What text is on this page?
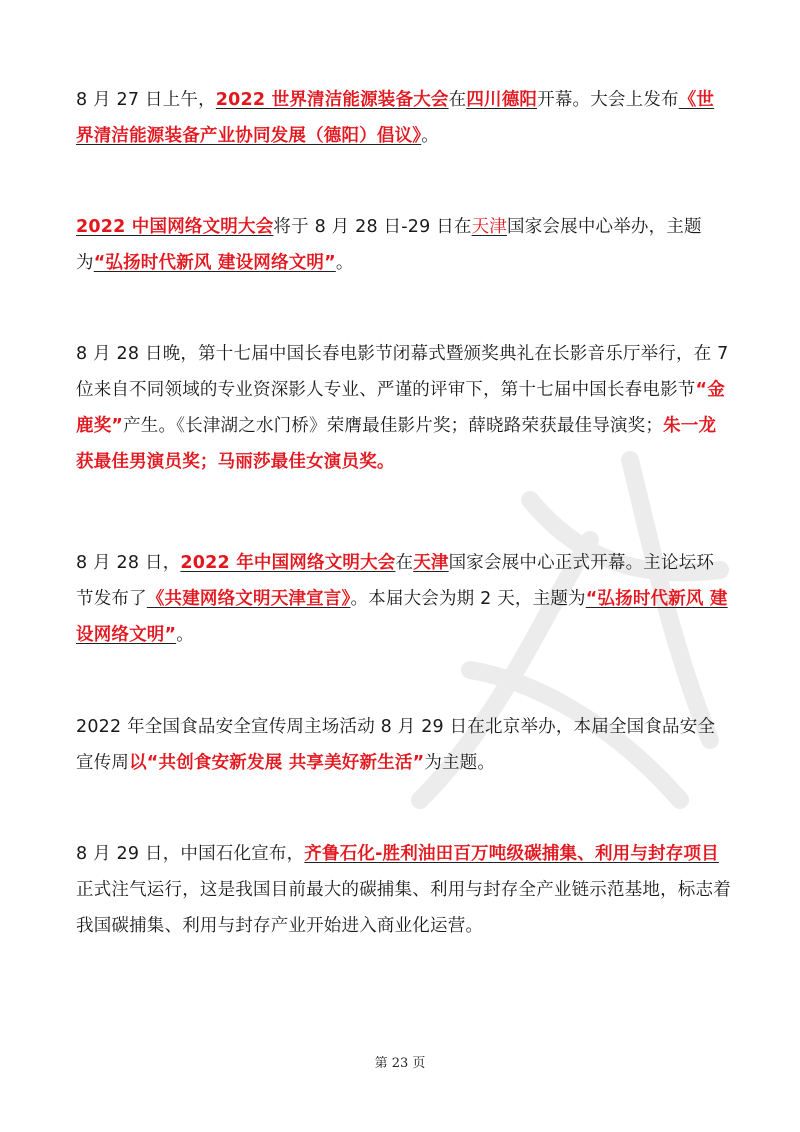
8 月 27 日上午，2022 世界清洁能源装备大会在四川德阳开幕。大会上发布《世界清洁能源装备产业协同发展（德阳）倡议》。

2022 中国网络文明大会将于 8 月 28 日-29 日在天津国家会展中心举办，主题为“弘扬时代新风 建设网络文明”。

8 月 28 日晚，第十七届中国长春电影节闭幕式暨颁奖典礼在长影音乐厅举行，在 7 位来自不同领域的专业资深影人专业、严谨的评审下，第十七届中国长春电影节“金鹿奖”产生。《长津湖之水门桥》荣膺最佳影片奖；薛晓路荣获最佳导演奖；朱一龙获最佳男演员奖；马丽莎最佳女演员奖。

8 月 28 日，2022 年中国网络文明大会在天津国家会展中心正式开幕。主论坛环节发布了《共建网络文明天津宣言》。本届大会为期 2 天，主题为“弘扬时代新风 建设网络文明”。

2022 年全国食品安全宣传周主场活动 8 月 29 日在北京举办，本届全国食品安全宣传周以“共创食安新发展 共享美好新生活”为主题。

8 月 29 日，中国石化宣布，齐鲁石化-胜利油田百万吨级碳捕集、利用与封存项目正式注气运行，这是我国目前最大的碳捕集、利用与封存全产业链示范基地，标志着我国碳捕集、利用与封存产业开始进入商业化运营。

第 23 页
